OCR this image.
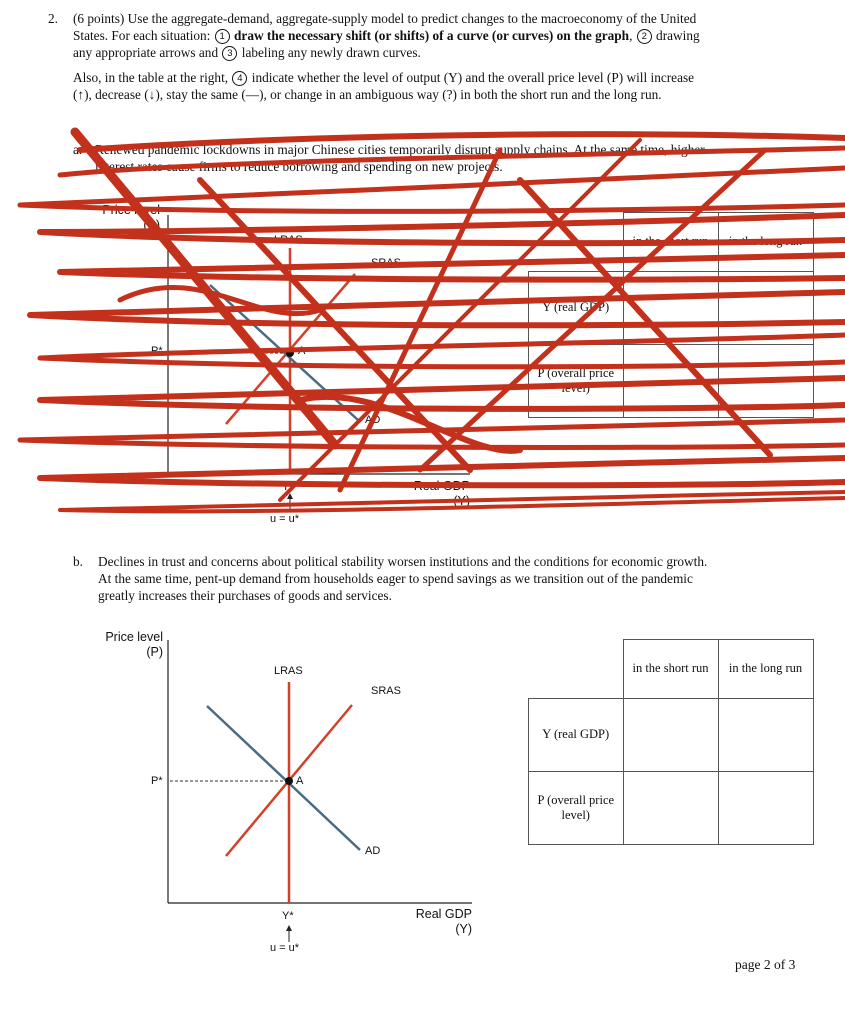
2. (6 points) Use the aggregate-demand, aggregate-supply model to predict changes to the macroeconomy of the United
States. For each situation: 1 draw the necessary shift (or shifts) of a curve (or curves) on the graph, 2 drawing
any appropriate arrows and 3 labeling any newly drawn curves.
Also, in the table at the right, 4 indicate whether the level of output (Y) and the overall price level (P) will increase
(↑), decrease (↓), stay the same (—), or change in an ambiguous way (?) in both the short run and the long run.
a. Renewed pandemic lockdowns in major Chinese cities temporarily disrupt supply chains. At the same time, higher
interest rates cause firms to reduce borrowing and spending on new projects.
Price level
(P)
LRAS
SRAS
AD
A
P*
Y*
u = u*
Real GDP
(Y)
	in the short run	in the long run
Y (real GDP)		
P (overall price level)		
b. Declines in trust and concerns about political stability worsen institutions and the conditions for economic growth.
At the same time, pent-up demand from households eager to spend savings as we transition out of the pandemic
greatly increases their purchases of goods and services.
Price level
(P)
LRAS
SRAS
AD
A
P*
Y*
u = u*
Real GDP
(Y)
	in the short run	in the long run
Y (real GDP)		
P (overall price level)		
page 2 of 3
